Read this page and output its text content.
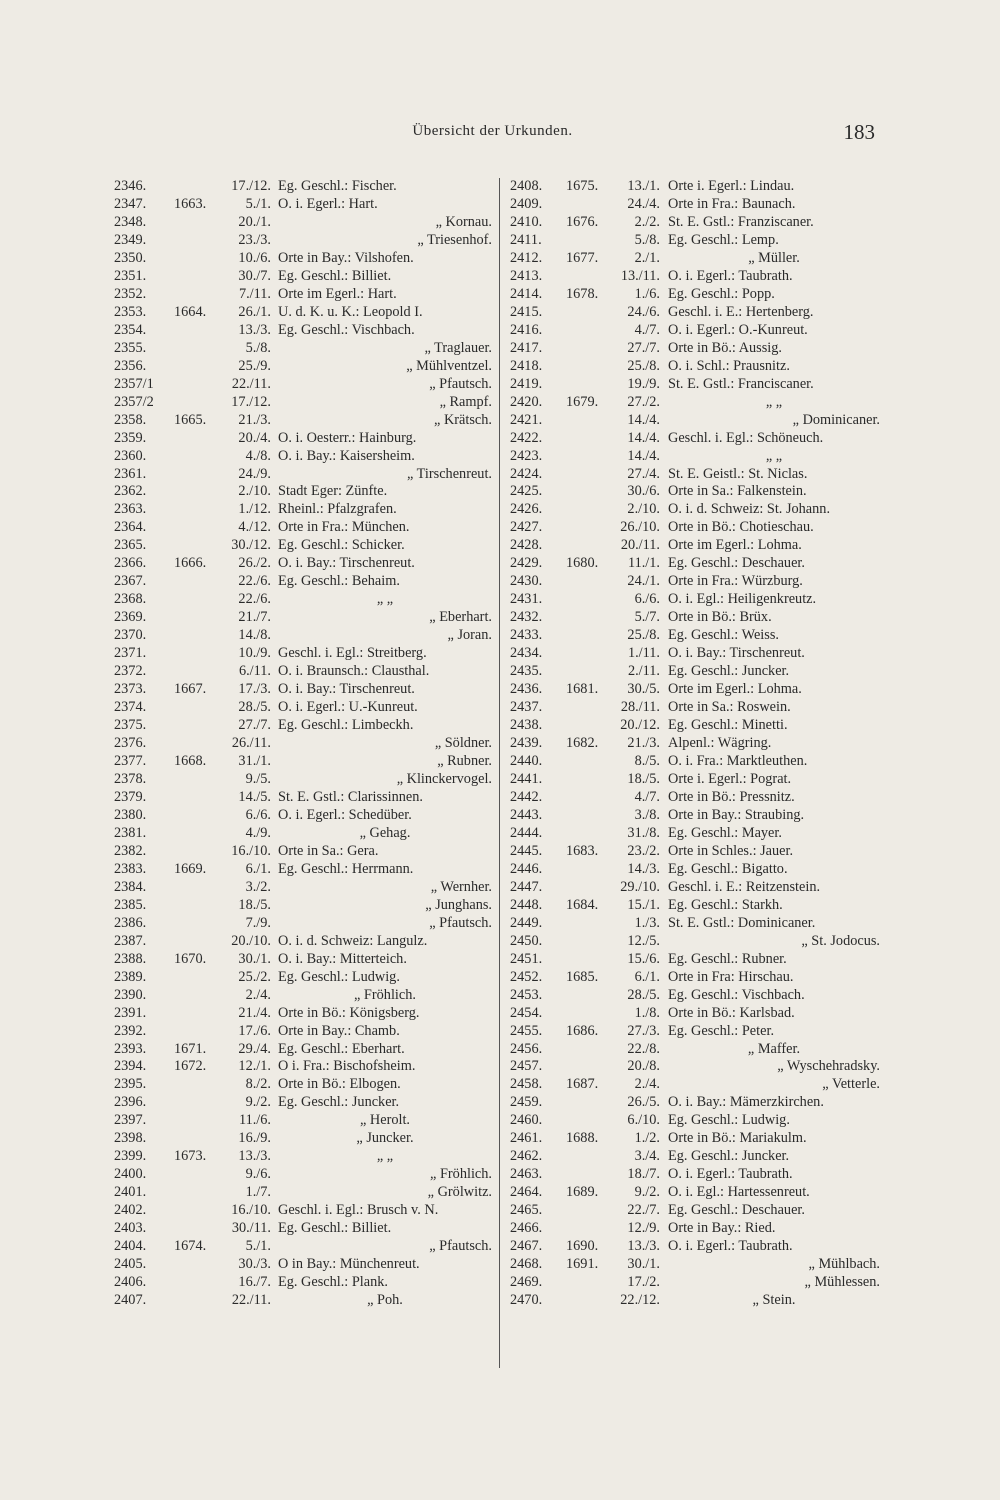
Übersicht der Urkunden.	183
2346.	17./12. Eg. Geschl.: Fischer.
2347. 1663.	5./1. O. i. Egerl.: Hart.
2348.	20./1.	„ Kornau.
2349.	23./3.	„ Triesenhof.
2350.	10./6. Orte in Bay.: Vilshofen.
2351.	30./7. Eg. Geschl.: Billiet.
2352.	7./11. Orte im Egerl.: Hart.
2353. 1664.	26./1. U. d. K. u. K.: Leopold I.
2354.	13./3. Eg. Geschl.: Vischbach.
2355.	5./8.	„ Traglauer.
2356.	25./9.	„ Mühlventzel.
2357/1	22./11.	„ Pfautsch.
2357/2	17./12.	„ Rampf.
2358. 1665.	21./3.	„ Krätsch.
2359.	20./4. O. i. Oesterr.: Hainburg.
2360.	4./8. O. i. Bay.: Kaisersheim.
2361.	24./9.	„ Tirschenreut.
2362.	2./10. Stadt Eger: Zünfte.
2363.	1./12. Rheinl.: Pfalzgrafen.
2364.	4./12. Orte in Fra.: München.
2365.	30./12. Eg. Geschl.: Schicker.
2366. 1666.	26./2. O. i. Bay.: Tirschenreut.
2367.	22./6. Eg. Geschl.: Behaim.
2368.	22./6.	„ „
2369.	21./7.	„ Eberhart.
2370.	14./8.	„ Joran.
2371.	10./9. Geschl. i. Egl.: Streitberg.
2372.	6./11. O. i. Braunsch.: Clausthal.
2373. 1667.	17./3. O. i. Bay.: Tirschenreut.
2374.	28./5. O. i. Egerl.: U.-Kunreut.
2375.	27./7. Eg. Geschl.: Limbeckh.
2376.	26./11.	„ Söldner.
2377. 1668.	31./1.	„ Rubner.
2378.	9./5.	„ Klinckervogel.
2379.	14./5. St. E. Gstl.: Clarissinnen.
2380.	6./6. O. i. Egerl.: Schedüber.
2381.	4./9.	„ Gehag.
2382.	16./10. Orte in Sa.: Gera.
2383. 1669.	6./1. Eg. Geschl.: Herrmann.
2384.	3./2.	„ Wernher.
2385.	18./5.	„ Junghans.
2386.	7./9.	„ Pfautsch.
2387.	20./10. O. i. d. Schweiz: Langulz.
2388. 1670.	30./1. O. i. Bay.: Mitterteich.
2389.	25./2. Eg. Geschl.: Ludwig.
2390.	2./4.	„ Fröhlich.
2391.	21./4. Orte in Bö.: Königsberg.
2392.	17./6. Orte in Bay.: Chamb.
2393. 1671.	29./4. Eg. Geschl.: Eberhart.
2394. 1672.	12./1. O i. Fra.: Bischofsheim.
2395.	8./2. Orte in Bö.: Elbogen.
2396.	9./2. Eg. Geschl.: Juncker.
2397.	11./6.	„ Herolt.
2398.	16./9.	„ Juncker.
2399. 1673.	13./3.	„ „
2400.	9./6.	„ Fröhlich.
2401.	1./7.	„ Grölwitz.
2402.	16./10. Geschl. i. Egl.: Brusch v. N.
2403.	30./11. Eg. Geschl.: Billiet.
2404. 1674.	5./1.	„ Pfautsch.
2405.	30./3. O in Bay.: Münchenreut.
2406.	16./7. Eg. Geschl.: Plank.
2407.	22./11.	„ Poh.
2408. 1675.	13./1. Orte i. Egerl.: Lindau.
2409.	24./4. Orte in Fra.: Baunach.
2410. 1676.	2./2. St. E. Gstl.: Franziscaner.
2411.	5./8. Eg. Geschl.: Lemp.
2412. 1677.	2./1.	„ Müller.
2413.	13./11. O. i. Egerl.: Taubrath.
2414. 1678.	1./6. Eg. Geschl.: Popp.
2415.	24./6. Geschl. i. E.: Hertenberg.
2416.	4./7. O. i. Egerl.: O.-Kunreut.
2417.	27./7. Orte in Bö.: Aussig.
2418.	25./8. O. i. Schl.: Prausnitz.
2419.	19./9. St. E. Gstl.: Franciscaner.
2420. 1679.	27./2.	„ „
2421.	14./4.	„ Dominicaner.
2422.	14./4. Geschl. i. Egl.: Schöneuch.
2423.	14./4.	„ „
2424.	27./4. St. E. Geistl.: St. Niclas.
2425.	30./6. Orte in Sa.: Falkenstein.
2426.	2./10. O. i. d. Schweiz: St. Johann.
2427.	26./10. Orte in Bö.: Chotieschau.
2428.	20./11. Orte im Egerl.: Lohma.
2429. 1680.	11./1. Eg. Geschl.: Deschauer.
2430.	24./1. Orte in Fra.: Würzburg.
2431.	6./6. O. i. Egl.: Heiligenkreutz.
2432.	5./7. Orte in Bö.: Brüx.
2433.	25./8. Eg. Geschl.: Weiss.
2434.	1./11. O. i. Bay.: Tirschenreut.
2435.	2./11. Eg. Geschl.: Juncker.
2436. 1681.	30./5. Orte im Egerl.: Lohma.
2437.	28./11. Orte in Sa.: Roswein.
2438.	20./12. Eg. Geschl.: Minetti.
2439. 1682.	21./3. Alpenl.: Wägring.
2440.	8./5. O. i. Fra.: Marktleuthen.
2441.	18./5. Orte i. Egerl.: Pograt.
2442.	4./7. Orte in Bö.: Pressnitz.
2443.	3./8. Orte in Bay.: Straubing.
2444.	31./8. Eg. Geschl.: Mayer.
2445. 1683.	23./2. Orte in Schles.: Jauer.
2446.	14./3. Eg. Geschl.: Bigatto.
2447.	29./10. Geschl. i. E.: Reitzenstein.
2448. 1684.	15./1. Eg. Geschl.: Starkh.
2449.	1./3. St. E. Gstl.: Dominicaner.
2450.	12./5.	„ St. Jodocus.
2451.	15./6. Eg. Geschl.: Rubner.
2452. 1685.	6./1. Orte in Fra: Hirschau.
2453.	28./5. Eg. Geschl.: Vischbach.
2454.	1./8. Orte in Bö.: Karlsbad.
2455. 1686.	27./3. Eg. Geschl.: Peter.
2456.	22./8.	„ Maffer.
2457.	20./8.	„ Wyschehradsky.
2458. 1687.	2./4.	„ Vetterle.
2459.	26./5. O. i. Bay.: Mämerzkirchen.
2460.	6./10. Eg. Geschl.: Ludwig.
2461. 1688.	1./2. Orte in Bö.: Mariakulm.
2462.	3./4. Eg. Geschl.: Juncker.
2463.	18./7. O. i. Egerl.: Taubrath.
2464. 1689.	9./2. O. i. Egl.: Hartessenreut.
2465.	22./7. Eg. Geschl.: Deschauer.
2466.	12./9. Orte in Bay.: Ried.
2467. 1690.	13./3. O. i. Egerl.: Taubrath.
2468. 1691.	30./1.	„ Mühlbach.
2469.	17./2.	„ Mühlessen.
2470.	22./12.	„ Stein.
